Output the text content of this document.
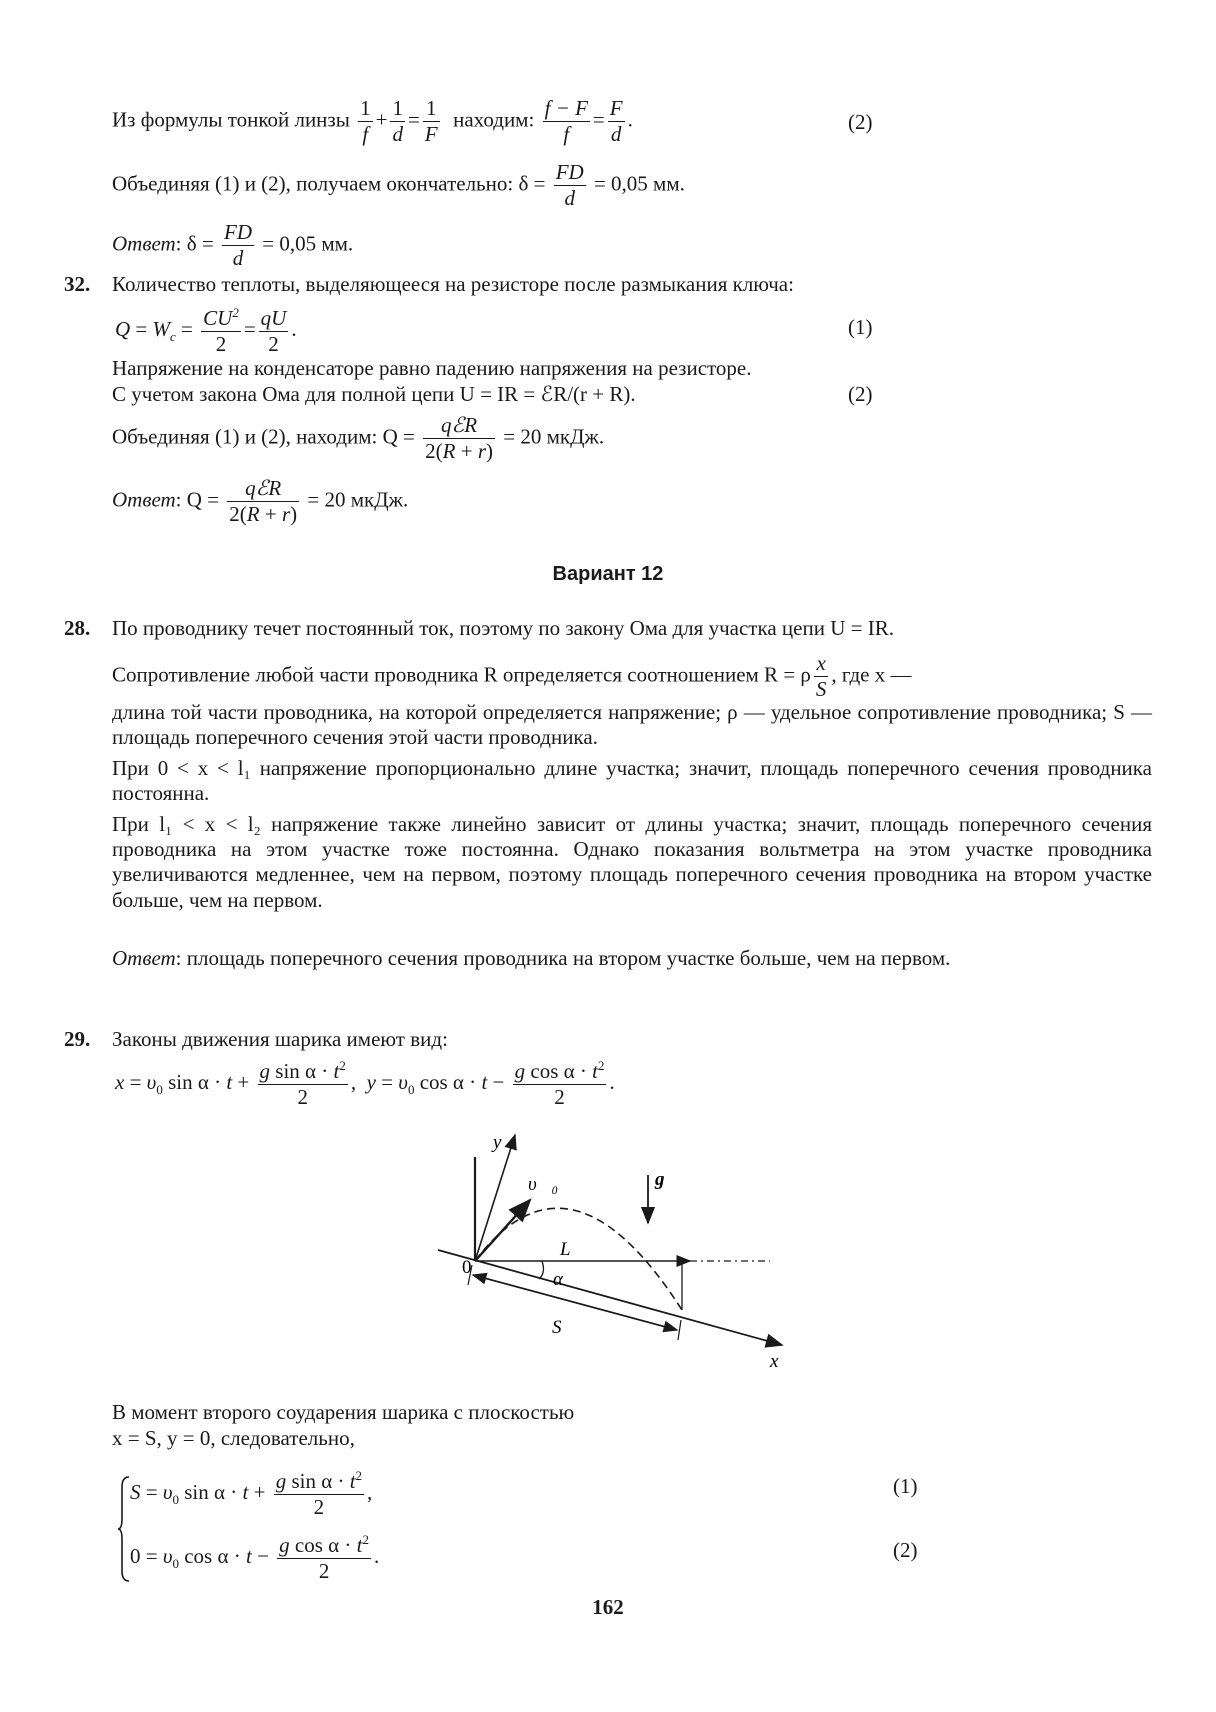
Из формулы тонкой линзы $\frac{1}{f} + \frac{1}{d} = \frac{1}{F}$ находим: $\frac{f - F}{f} = \frac{F}{d}$ .	(2)
Объединяя (1) и (2), получаем окончательно: $\delta = \frac{FD}{d} = 0,05$ мм.
Ответ: $\delta = \frac{FD}{d} = 0,05$ мм.
32. Количество теплоты, выделяющееся на резисторе после размыкания ключа:
$Q = W_c = \frac{CU^2}{2} = \frac{qU}{2}$ .	(1)
Напряжение на конденсаторе равно падению напряжения на резисторе.
С учетом закона Ома для полной цепи U = IR = ℰR/(r + R).	(2)
Объединяя (1) и (2), находим: $Q = \frac{\text{qℰR}}{2(R + r)} = 20$ мкДж.
Ответ: $Q = \frac{\text{qℰR}}{2(R + r)} = 20$ мкДж.
Вариант 12
28. По проводнику течет постоянный ток, поэтому по закону Ома для участка цепи U = IR.
Сопротивление любой части проводника R определяется соотношением R = ρ $\frac{x}{S}$ , где x —
длина той части проводника, на которой определяется напряжение; ρ — удельное сопротивление проводника; S — площадь поперечного сечения этой части проводника.
При 0 < x < l₁ напряжение пропорционально длине участка; значит, площадь поперечного сечения проводника постоянна.
При l₁ < x < l₂ напряжение также линейно зависит от длины участка; значит, площадь поперечного сечения проводника на этом участке тоже постоянна. Однако показания вольтметра на этом участке проводника увеличиваются медленнее, чем на первом, поэтому площадь поперечного сечения проводника на втором участке больше, чем на первом.
Ответ: площадь поперечного сечения проводника на втором участке больше, чем на первом.
29. Законы движения шарика имеют вид:
$x = \upsilon_0$ $\sin \alpha \cdot t + \frac{g \sin \alpha \cdot t^2}{2}$ ,  $y = \upsilon_0$ $\cos \alpha \cdot t - \frac{g \cos \alpha \cdot t^2}{2}$ .
y
x
υ⃗₀	g⃗
L
α
S
0
В момент второго соударения шарика с плоскостью
x = S, y = 0, следовательно,
$S = \upsilon_0$ $\sin \alpha \cdot t + \frac{g \sin \alpha \cdot t^2}{2}$ ,	(1)
$0 = \upsilon_0$ $\cos \alpha \cdot t - \frac{g \cos \alpha \cdot t^2}{2}$ .	(2)
162
